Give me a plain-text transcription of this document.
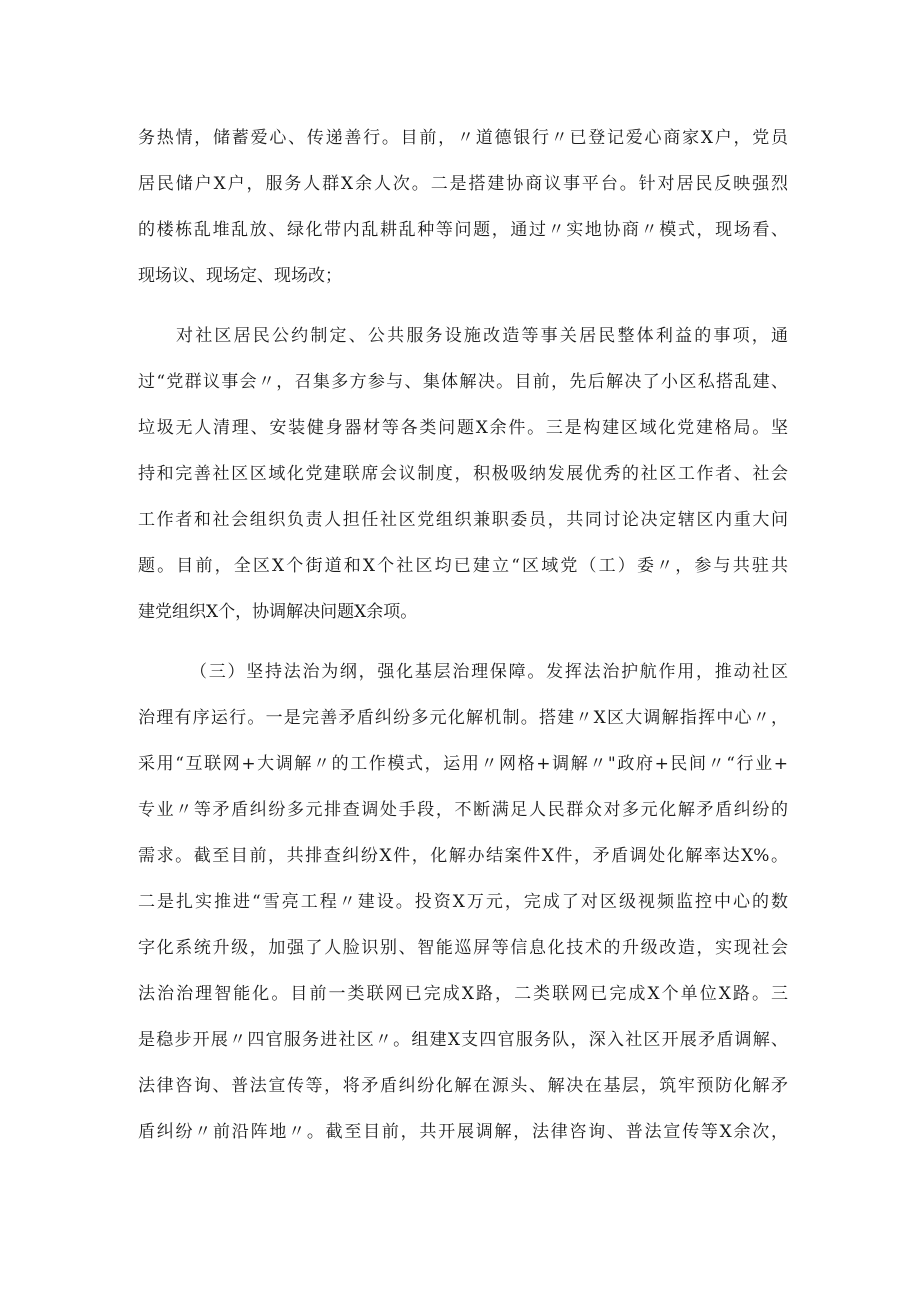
务热情，储蓄爱心、传递善行。目前，〃道德银行〃已登记爱心商家X户，党员
居民储户X户，服务人群X余人次。二是搭建协商议事平台。针对居民反映强烈
的楼栋乱堆乱放、绿化带内乱耕乱种等问题，通过〃实地协商〃模式，现场看、
现场议、现场定、现场改；
对社区居民公约制定、公共服务设施改造等事关居民整体利益的事项，通
过“党群议事会〃，召集多方参与、集体解决。目前，先后解决了小区私搭乱建、
垃圾无人清理、安装健身器材等各类问题X余件。三是构建区域化党建格局。坚
持和完善社区区域化党建联席会议制度，积极吸纳发展优秀的社区工作者、社会
工作者和社会组织负责人担任社区党组织兼职委员，共同讨论决定辖区内重大问
题。目前，全区X个街道和X个社区均已建立“区域党（工）委〃，参与共驻共
建党组织X个，协调解决问题X余项。
（三）坚持法治为纲，强化基层治理保障。发挥法治护航作用，推动社区
治理有序运行。一是完善矛盾纠纷多元化解机制。搭建〃X区大调解指挥中心〃，
采用“互联网+大调解〃的工作模式，运用〃网格+调解〃"政府+民间〃“行业+
专业〃等矛盾纠纷多元排查调处手段，不断满足人民群众对多元化解矛盾纠纷的
需求。截至目前，共排查纠纷X件，化解办结案件X件，矛盾调处化解率达X%。
二是扎实推进“雪亮工程〃建设。投资X万元，完成了对区级视频监控中心的数
字化系统升级，加强了人脸识别、智能巡屏等信息化技术的升级改造，实现社会
法治治理智能化。目前一类联网已完成X路，二类联网已完成X个单位X路。三
是稳步开展〃四官服务进社区〃。组建X支四官服务队，深入社区开展矛盾调解、
法律咨询、普法宣传等，将矛盾纠纷化解在源头、解决在基层，筑牢预防化解矛
盾纠纷〃前沿阵地〃。截至目前，共开展调解，法律咨询、普法宣传等X余次，
